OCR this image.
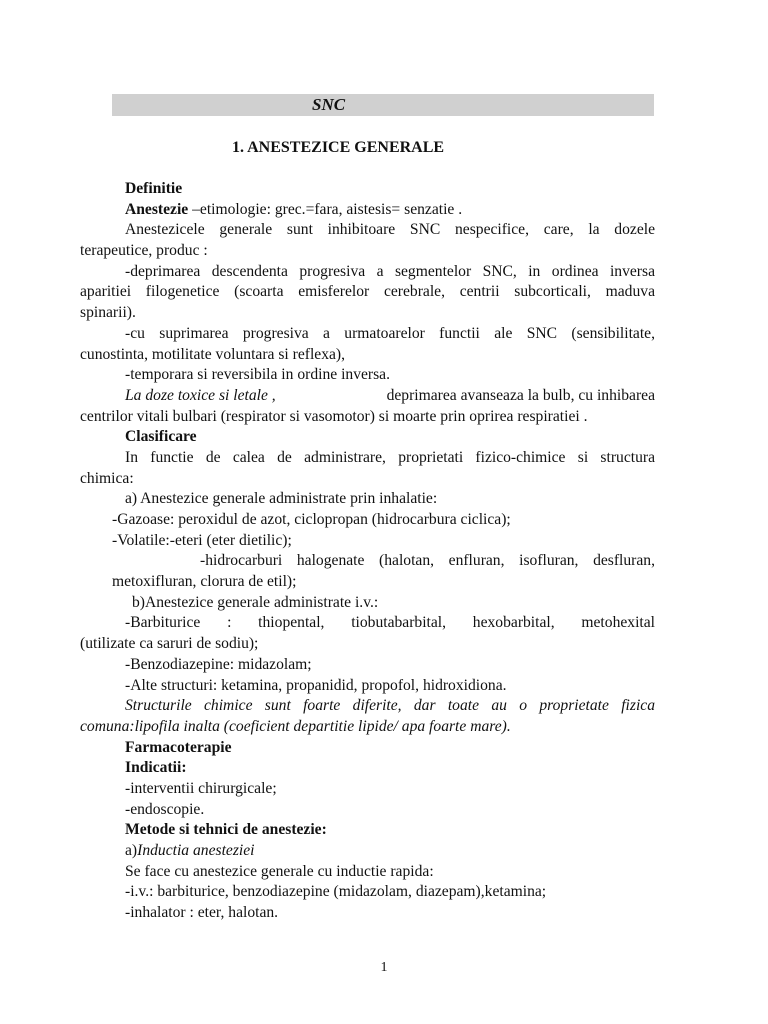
SNC
1. ANESTEZICE GENERALE
Definitie
Anestezie –etimologie: grec.=fara, aistesis= senzatie .
Anestezicele generale sunt inhibitoare SNC nespecifice, care, la dozele
terapeutice, produc :
-deprimarea descendenta progresiva a segmentelor SNC, in ordinea inversa
aparitiei filogenetice (scoarta emisferelor cerebrale, centrii subcorticali, maduva
spinarii).
-cu suprimarea progresiva a urmatoarelor functii ale SNC (sensibilitate,
cunostinta, motilitate voluntara si reflexa),
-temporara si reversibila in ordine inversa.
La doze toxice si letale ,	deprimarea avanseaza la bulb, cu inhibarea
centrilor vitali bulbari (respirator si vasomotor) si moarte prin oprirea respiratiei .
Clasificare
In functie de calea de administrare, proprietati fizico-chimice si structura
chimica:
a) Anestezice generale administrate prin inhalatie:
-Gazoase: peroxidul de azot, ciclopropan (hidrocarbura ciclica);
-Volatile:-eteri (eter dietilic);
-hidrocarburi halogenate (halotan, enfluran, isofluran, desfluran,
metoxifluran, clorura de etil);
b)Anestezice generale administrate i.v.:
-Barbiturice : thiopental, tiobutabarbital, hexobarbital, metohexital
(utilizate ca saruri de sodiu);
-Benzodiazepine: midazolam;
-Alte structuri: ketamina, propanidid, propofol, hidroxidiona.
Structurile chimice sunt foarte diferite, dar toate au o proprietate fizica
comuna:lipofila inalta (coeficient departitie lipide/ apa foarte mare).
Farmacoterapie
Indicatii:
-interventii chirurgicale;
-endoscopie.
Metode si tehnici de anestezie:
a)Inductia anesteziei
Se face cu anestezice generale cu inductie rapida:
-i.v.: barbiturice, benzodiazepine (midazolam, diazepam),ketamina;
-inhalator : eter, halotan.
1
